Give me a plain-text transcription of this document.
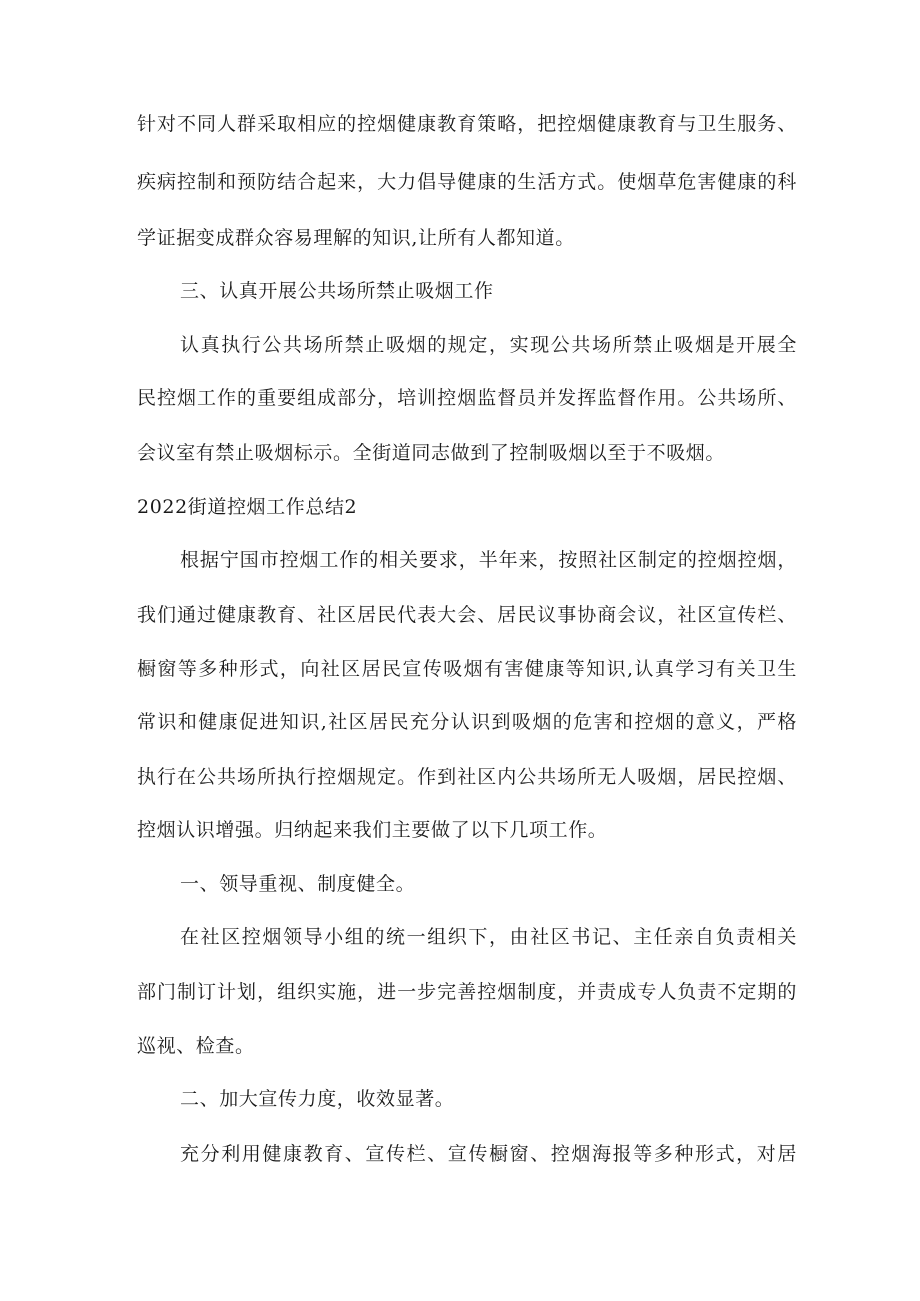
针对不同人群采取相应的控烟健康教育策略，把控烟健康教育与卫生服务、
疾病控制和预防结合起来，大力倡导健康的生活方式。使烟草危害健康的科
学证据变成群众容易理解的知识,让所有人都知道。
三、认真开展公共场所禁止吸烟工作
认真执行公共场所禁止吸烟的规定，实现公共场所禁止吸烟是开展全
民控烟工作的重要组成部分，培训控烟监督员并发挥监督作用。公共场所、
会议室有禁止吸烟标示。全街道同志做到了控制吸烟以至于不吸烟。
2022街道控烟工作总结2
根据宁国市控烟工作的相关要求，半年来，按照社区制定的控烟控烟，
我们通过健康教育、社区居民代表大会、居民议事协商会议，社区宣传栏、
橱窗等多种形式，向社区居民宣传吸烟有害健康等知识,认真学习有关卫生
常识和健康促进知识,社区居民充分认识到吸烟的危害和控烟的意义，严格
执行在公共场所执行控烟规定。作到社区内公共场所无人吸烟，居民控烟、
控烟认识增强。归纳起来我们主要做了以下几项工作。
一、领导重视、制度健全。
在社区控烟领导小组的统一组织下，由社区书记、主任亲自负责相关
部门制订计划，组织实施，进一步完善控烟制度，并责成专人负责不定期的
巡视、检查。
二、加大宣传力度，收效显著。
充分利用健康教育、宣传栏、宣传橱窗、控烟海报等多种形式，对居
